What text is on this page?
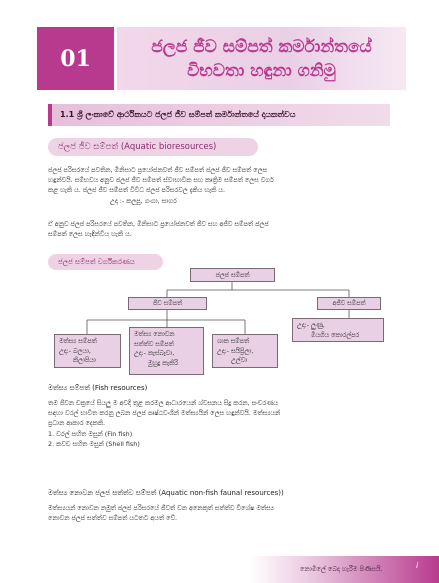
01	ජලජ ජීව සම්පත් කර්මාන්තයේ
විභවතා හඳුනා ගනිමු
1.1 ශ්‍රී ලංකාවේ ආර්ථිකයට ජලජ ජීව සම්පත් කර්මාන්තයේ දායකත්වය
ජලජ ජීව සම්පත් (Aquatic bioresources)
ජලජ පරිසරයේ පවතින, මිනිසාට ප්‍රයෝජනවත් ජීව සම්පත් ජලජ ජීව සම්පත් ලෙස
හඳුන්වයි. සම්භවය අනුව ජලජ ජීව සම්පත් ස්වාභාවික සහ කෘත්‍රිම සම්පත් ලෙස වර්ග
කළ හැකි ය. ජලජ ජීව සම්පත් විවිධ ජලජ පරිසරවල දැකිය හැකි ය.
උදා :- කලපු, ගංගා, සාගර
ඒ අනුව ජලජ පරිසරයේ පවතින, මිනිසාට ප්‍රයෝජනවත් ජීව සහ අජීව සම්පත් ජලජ
සම්පත් ලෙස හැඳින්විය හැකි ය.
ජලජ සම්පත් වර්ගීකරණය
ජලජ සම්පත්
ජීව සම්පත්	අජීව සම්පත්
මත්ස්‍ය සම්පත්
උදා:- බලයා,
කිලාපියා
මත්ස්‍ය නොවන
සත්ත්ව සම්පත්
උදා:- කැස්බෑවා,
මුහුදු කැකිරි
ශාක සම්පත්
උදා:- සයිප්‍රිලා,
උල්වා
උදා:- ලුණු,
මියගිය කොරල්පර
මත්ස්‍ය සම්පත් (Fish resources)
තම ජීවන චක්‍රයේ සියලු ම අවදි තුළ කරමල ආධාරයෙන් ශ්වසනය සිදු කරන, සංචරණය
සඳහා වරල් භාවිත කරනු ලබන ජලජ පෘෂ්ඨවංශීන් මත්ස්‍යයින් ලෙස හඳුන්වයි. මත්ස්‍යයන්
ප්‍රධාන ආකාර දෙකකි.
1. වරල් සහිත මසුන් (Fin fish)
2. කවච සහිත මසුන් (Shell fish)
මත්ස්‍ය නොවන ජලජ සත්ත්ව සම්පත් (Aquatic non-fish faunal resources))
මත්ස්‍යයන් නොවන නමුත් ජලජ පරිසරයේ ජීවත් වන අනෙකුත් සත්ත්ව විශේෂ මත්ස්‍ය
නොවන ජලජ සත්ත්ව සම්පත් යටතට අයත් වේ.
නොමිලේ බෙදා හැරීම පිණිසයි.	i
